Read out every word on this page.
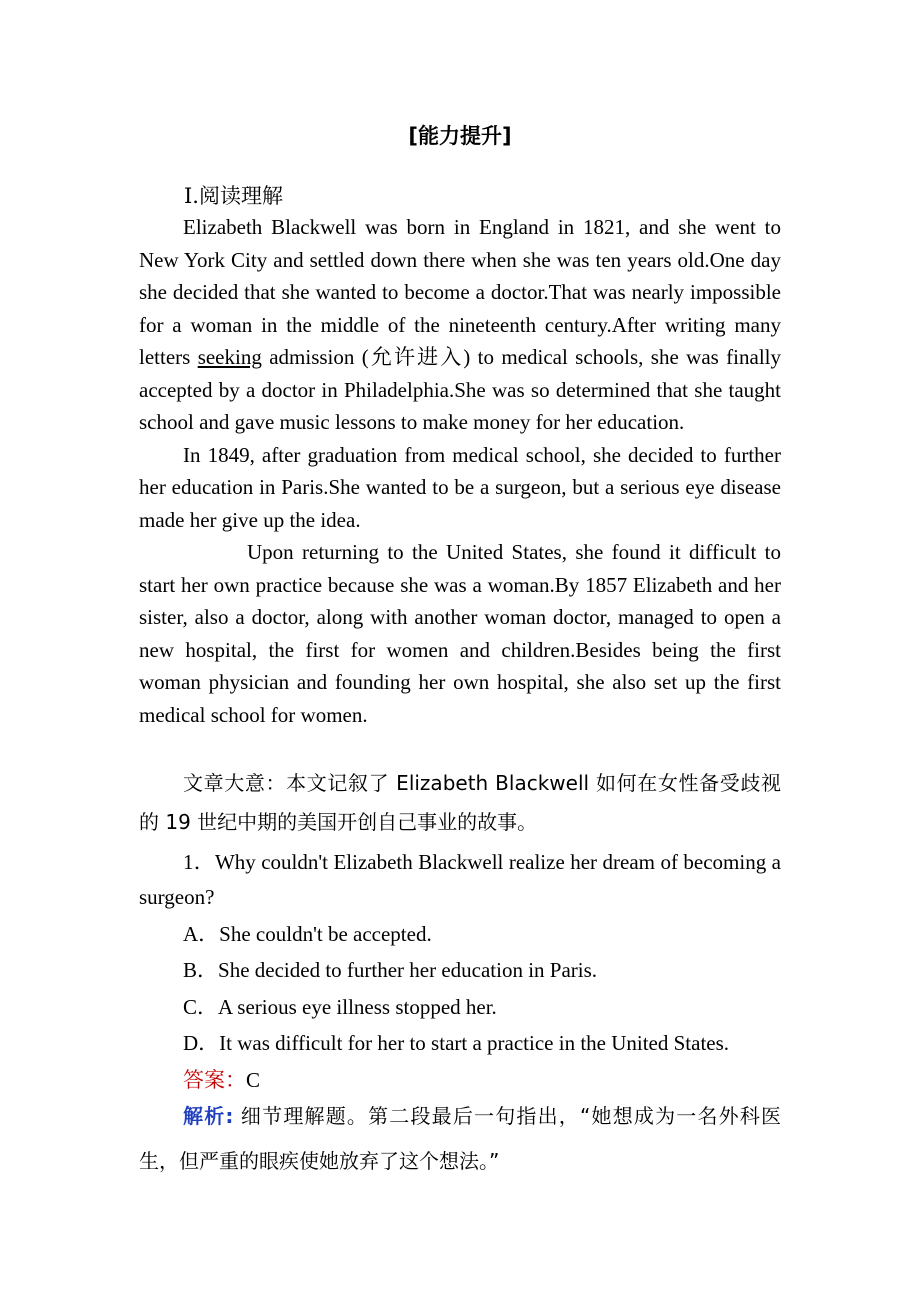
[能力提升]
Ⅰ.阅读理解

Elizabeth Blackwell was born in England in 1821, and she went to New York City and settled down there when she was ten years old.One day she decided that she wanted to become a doctor.That was nearly impossible for a woman in the middle of the nineteenth century.After writing many letters seeking admission (允许进入) to medical schools, she was finally accepted by a doctor in Philadelphia.She was so determined that she taught school and gave music lessons to make money for her education.

In 1849, after graduation from medical school, she decided to further her education in Paris.She wanted to be a surgeon, but a serious eye disease made her give up the idea.

Upon returning to the United States, she found it difficult to start her own practice because she was a woman.By 1857 Elizabeth and her sister, also a doctor, along with another woman doctor, managed to open a new hospital, the first for women and children.Besides being the first woman physician and founding her own hospital, she also set up the first medical school for women.

文章大意：本文记叙了 Elizabeth Blackwell 如何在女性备受歧视的 19 世纪中期的美国开创自己事业的故事。

1．Why couldn't Elizabeth Blackwell realize her dream of becoming a surgeon?

A．She couldn't be accepted.

B．She decided to further her education in Paris.

C．A serious eye illness stopped her.

D．It was difficult for her to start a practice in the United States.

答案：C

解析: 细节理解题。第二段最后一句指出，“她想成为一名外科医生，但严重的眼疾使她放弃了这个想法。”
